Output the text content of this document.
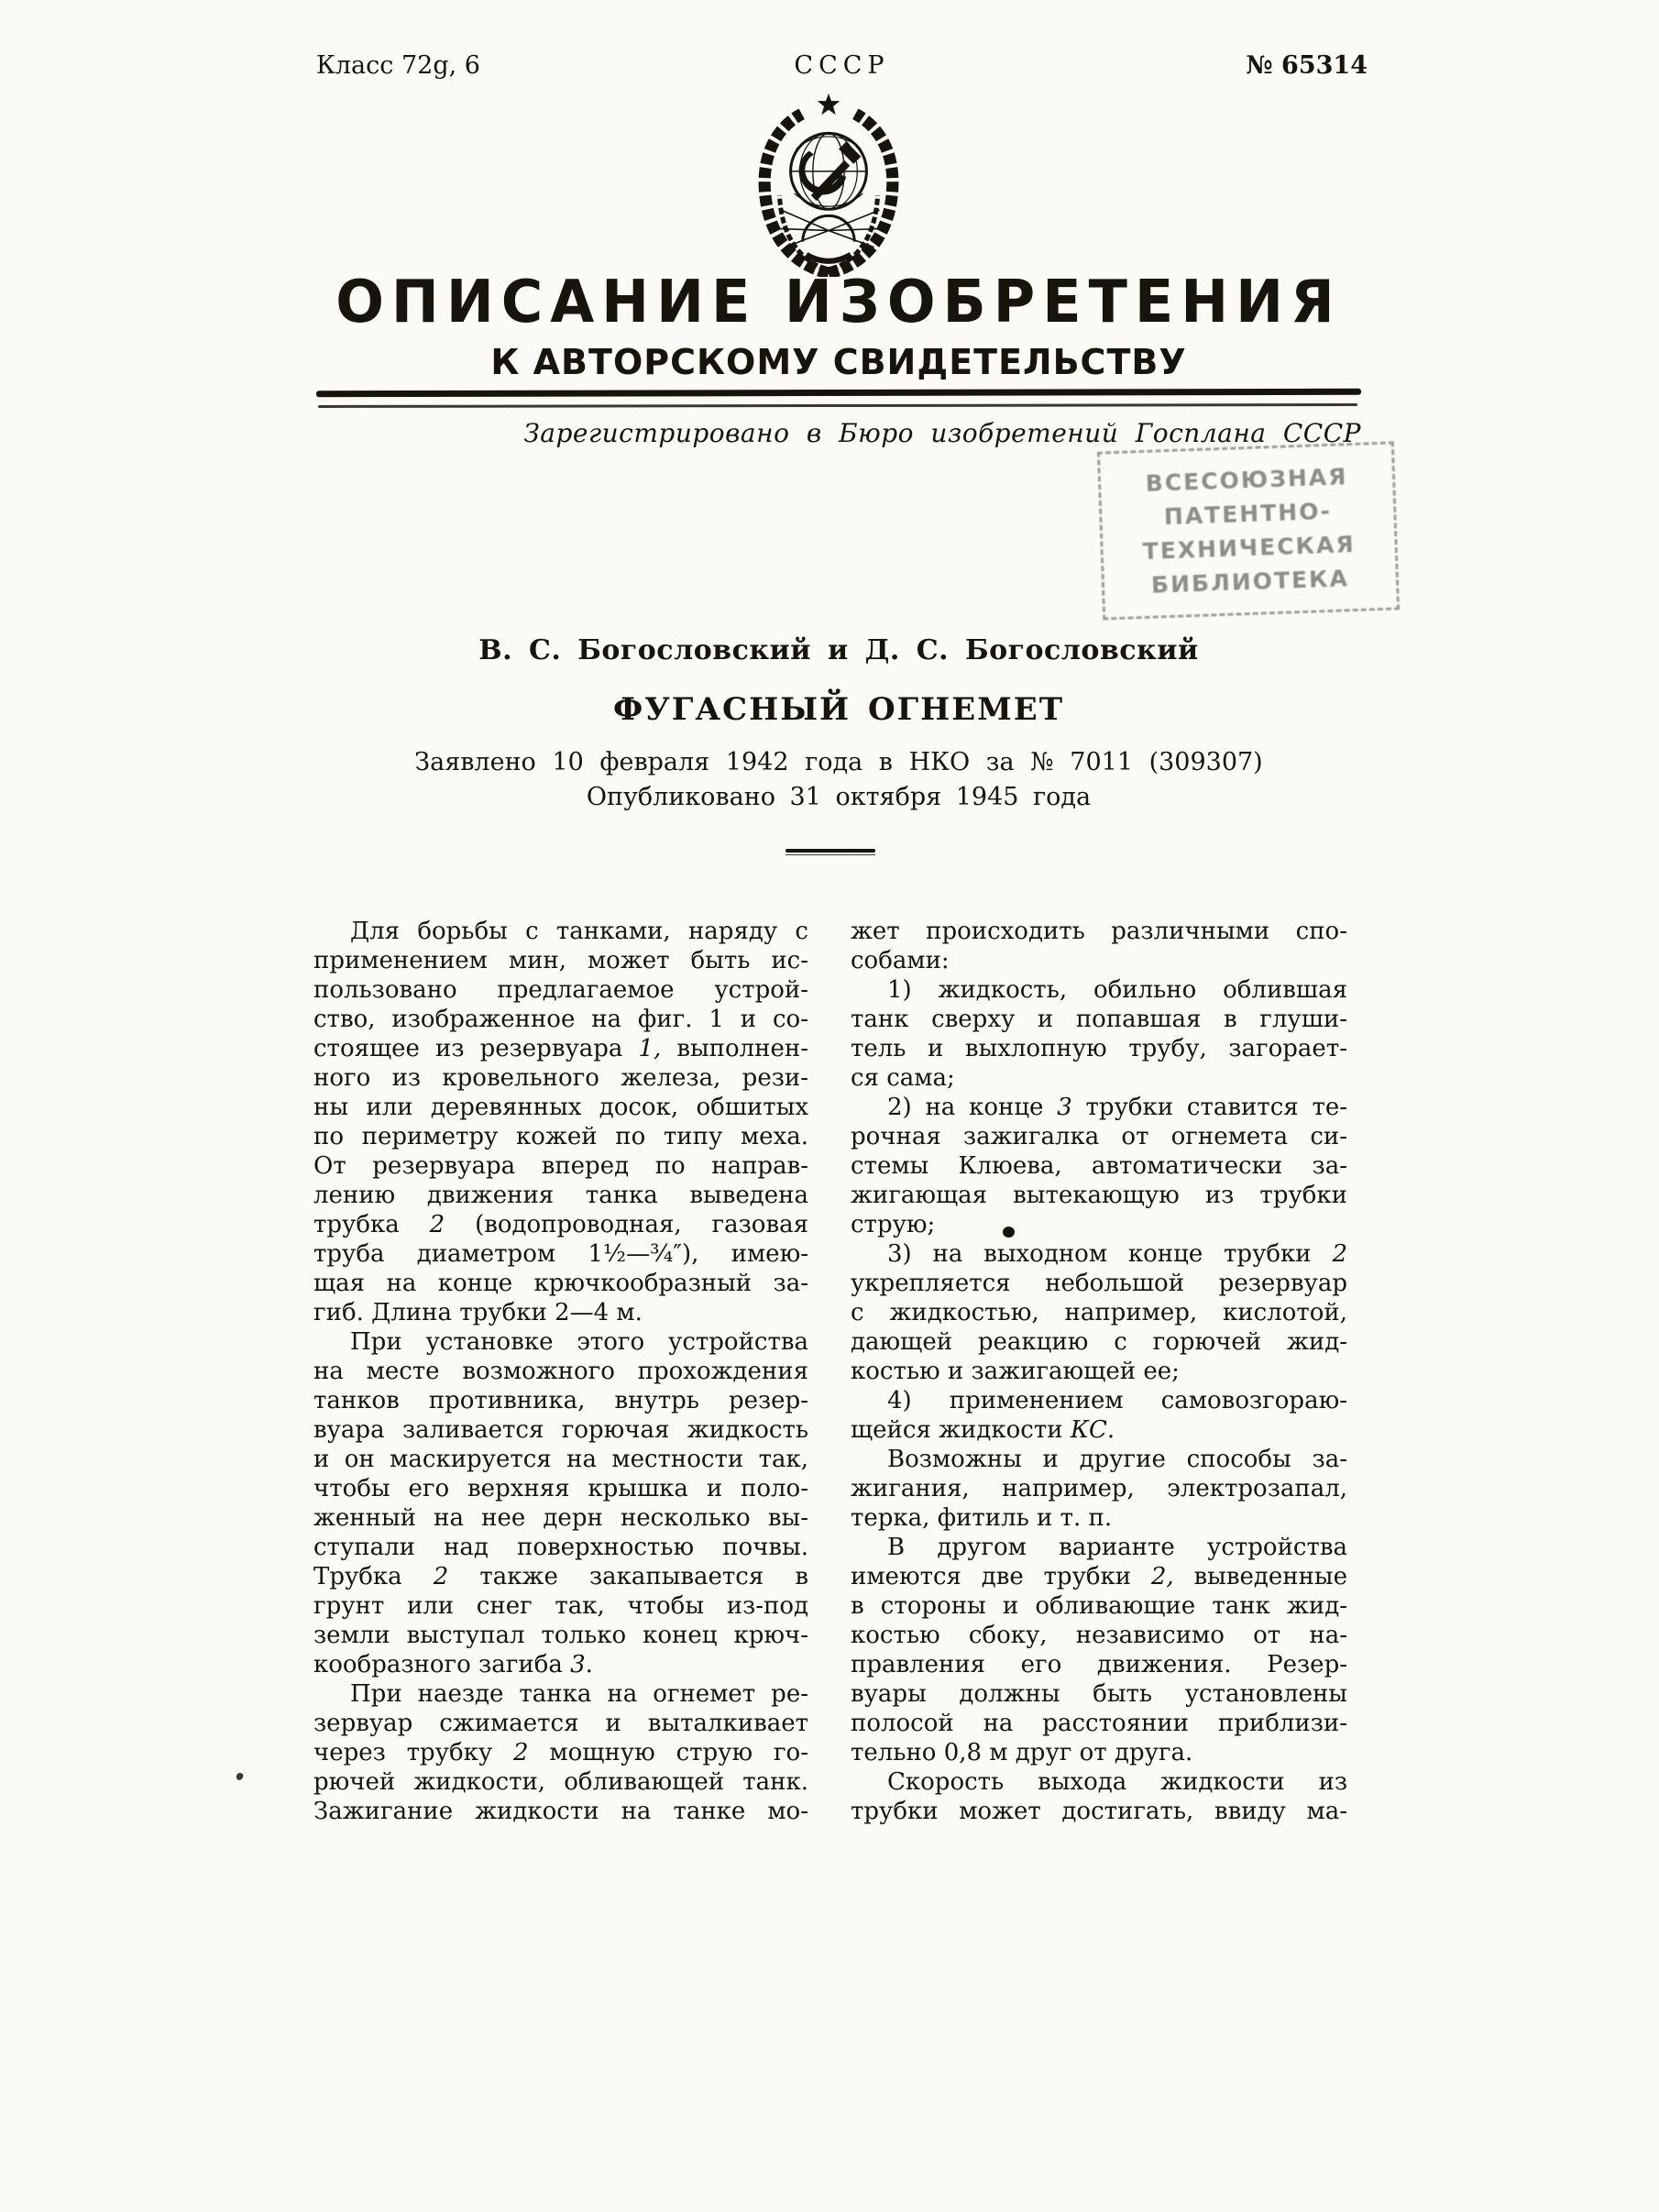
Класс 72g, 6	СССР	№ 65314
ОПИСАНИЕ ИЗОБРЕТЕНИЯ
К АВТОРСКОМУ СВИДЕТЕЛЬСТВУ
Зарегистрировано в Бюро изобретений Госплана СССР
ВСЕСОЮЗНАЯ
ПАТЕНТНО-
ТЕХНИЧЕСКАЯ
БИБЛИОТЕКА
В. С. Богословский и Д. С. Богословский
ФУГАСНЫЙ ОГНЕМЕТ
Заявлено 10 февраля 1942 года в НКО за № 7011 (309307)
Опубликовано 31 октября 1945 года
Для борьбы с танками, наряду с
применением мин, может быть ис-
пользовано предлагаемое устрой-
ство, изображенное на фиг. 1 и со-
стоящее из резервуара 1, выполнен-
ного из кровельного железа, рези-
ны или деревянных досок, обшитых
по периметру кожей по типу меха.
От резервуара вперед по направ-
лению движения танка выведена
трубка 2 (водопроводная, газовая
труба диаметром 1½—¾″), имею-
щая на конце крючкообразный за-
гиб. Длина трубки 2—4 м.
При установке этого устройства
на месте возможного прохождения
танков противника, внутрь резер-
вуара заливается горючая жидкость
и он маскируется на местности так,
чтобы его верхняя крышка и поло-
женный на нее дерн несколько вы-
ступали над поверхностью почвы.
Трубка 2 также закапывается в
грунт или снег так, чтобы из-под
земли выступал только конец крюч-
кообразного загиба 3.
При наезде танка на огнемет ре-
зервуар сжимается и выталкивает
через трубку 2 мощную струю го-
рючей жидкости, обливающей танк.
Зажигание жидкости на танке мо-
жет происходить различными спо-
собами:
1) жидкость, обильно облившая
танк сверху и попавшая в глуши-
тель и выхлопную трубу, загорает-
ся сама;
2) на конце 3 трубки ставится те-
рочная зажигалка от огнемета си-
стемы Клюева, автоматически за-
жигающая вытекающую из трубки
струю;
3) на выходном конце трубки 2
укрепляется небольшой резервуар
с жидкостью, например, кислотой,
дающей реакцию с горючей жид-
костью и зажигающей ее;
4) применением самовозгораю-
щейся жидкости КС.
Возможны и другие способы за-
жигания, например, электрозапал,
терка, фитиль и т. п.
В другом варианте устройства
имеются две трубки 2, выведенные
в стороны и обливающие танк жид-
костью сбоку, независимо от на-
правления его движения. Резер-
вуары должны быть установлены
полосой на расстоянии приблизи-
тельно 0,8 м друг от друга.
Скорость выхода жидкости из
трубки может достигать, ввиду ма-
